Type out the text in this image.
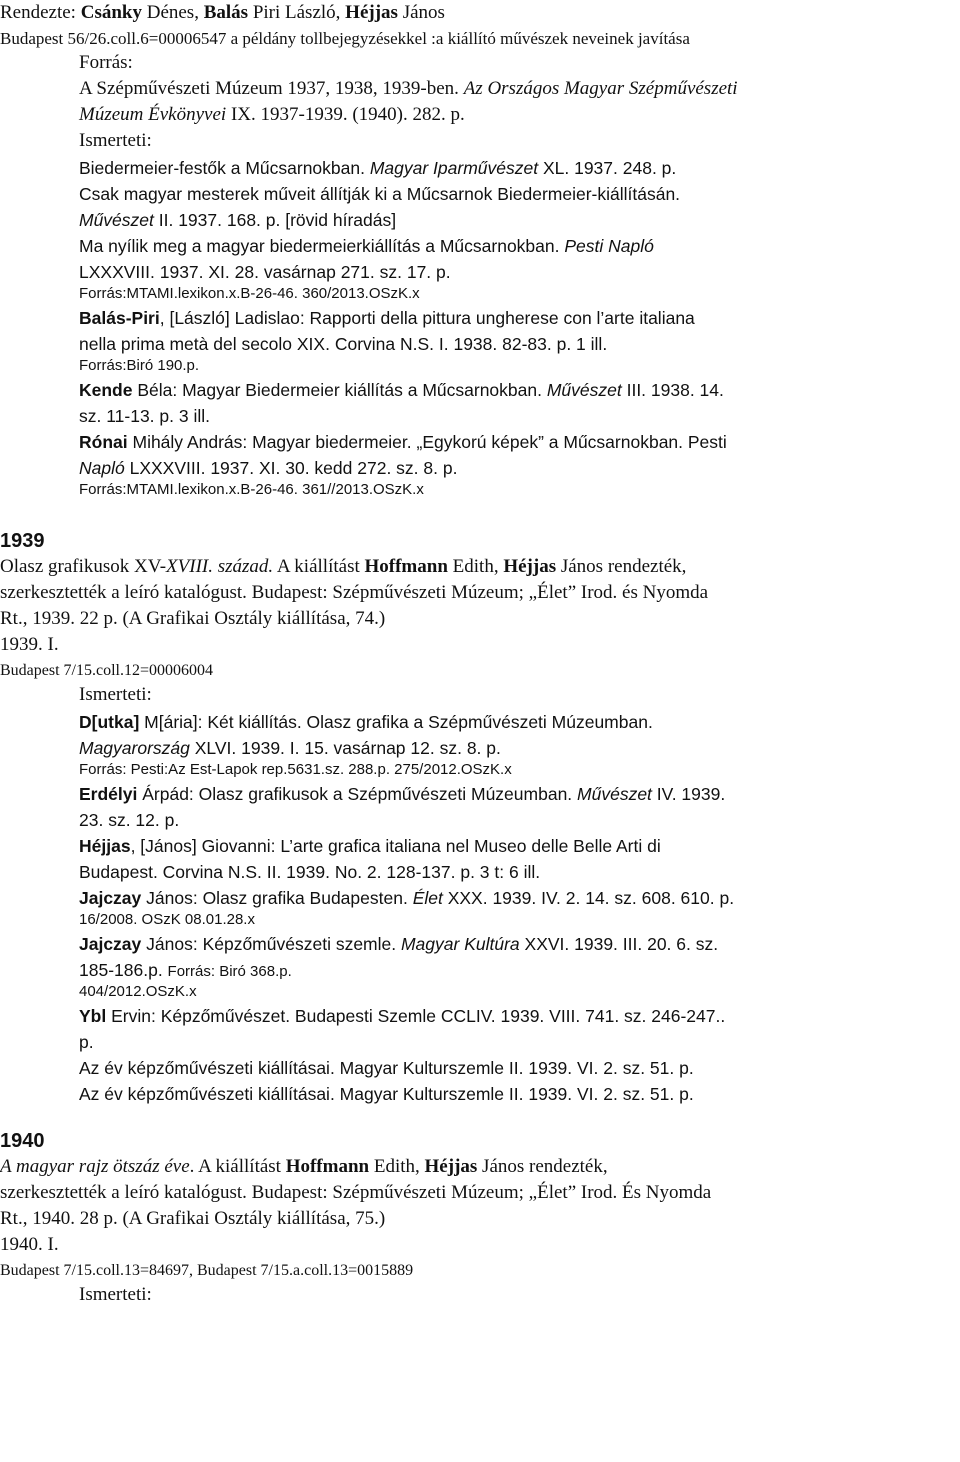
Rendezte: Csánky Dénes, Balás Piri László, Héjjas János
Budapest 56/26.coll.6=00006547 a példány tollbejegyzésekkel :a kiállító művészek neveinek javítása
Forrás:
A Szépművészeti Múzeum 1937, 1938, 1939-ben. Az Országos Magyar Szépművészeti
Múzeum Évkönyvei IX. 1937-1939. (1940). 282. p.
Ismerteti:
Biedermeier-festők a Műcsarnokban. Magyar Iparművészet XL. 1937. 248. p.
Csak magyar mesterek műveit állítják ki a Műcsarnok Biedermeier-kiállításán.
Művészet II. 1937. 168. p. [rövid híradás]
Ma nyílik meg a magyar biedermeierkiállítás a Műcsarnokban. Pesti Napló
LXXXVIII. 1937. XI. 28. vasárnap 271. sz. 17. p.
Forrás:MTAMI.lexikon.x.B-26-46. 360/2013.OSzK.x
Balás-Piri, [László] Ladislao: Rapporti della pittura ungherese con l’arte italiana
nella prima metà del secolo XIX. Corvina N.S. I. 1938. 82-83. p. 1 ill.
Forrás:Biró 190.p.
Kende Béla: Magyar Biedermeier kiállítás a Műcsarnokban. Művészet III. 1938. 14.
sz. 11-13. p. 3 ill.
Rónai Mihály András: Magyar biedermeier. „Egykorú képek” a Műcsarnokban. Pesti
Napló LXXXVIII. 1937. XI. 30. kedd 272. sz. 8. p.
Forrás:MTAMI.lexikon.x.B-26-46. 361//2013.OSzK.x
1939
Olasz grafikusok XV-XVIII. század. A kiállítást Hoffmann Edith, Héjjas János rendezték,
szerkesztették a leíró katalógust. Budapest: Szépművészeti Múzeum; „Élet” Irod. és Nyomda
Rt., 1939. 22 p. (A Grafikai Osztály kiállítása, 74.)
1939. I.
Budapest 7/15.coll.12=00006004
Ismerteti:
D[utka] M[ária]: Két kiállítás. Olasz grafika a Szépművészeti Múzeumban.
Magyarország XLVI. 1939. I. 15. vasárnap 12. sz. 8. p.
Forrás: Pesti:Az Est-Lapok rep.5631.sz. 288.p. 275/2012.OSzK.x
Erdélyi Árpád: Olasz grafikusok a Szépművészeti Múzeumban. Művészet IV. 1939.
23. sz. 12. p.
Héjjas, [János] Giovanni: L’arte grafica italiana nel Museo delle Belle Arti di
Budapest. Corvina N.S. II. 1939. No. 2. 128-137. p. 3 t: 6 ill.
Jajczay János: Olasz grafika Budapesten. Élet XXX. 1939. IV. 2. 14. sz. 608. 610. p.
16/2008. OSzK 08.01.28.x
Jajczay János: Képzőművészeti szemle. Magyar Kultúra XXVI. 1939. III. 20. 6. sz.
185-186.p. Forrás: Biró 368.p.
404/2012.OSzK.x
Ybl Ervin: Képzőművészet. Budapesti Szemle CCLIV. 1939. VIII. 741. sz. 246-247..
p.
Az év képzőművészeti kiállításai. Magyar Kulturszemle II. 1939. VI. 2. sz. 51. p.
Az év képzőművészeti kiállításai. Magyar Kulturszemle II. 1939. VI. 2. sz. 51. p.
1940
A magyar rajz ötszáz éve. A kiállítást Hoffmann Edith, Héjjas János rendezték,
szerkesztették a leíró katalógust. Budapest: Szépművészeti Múzeum; „Élet” Irod. És Nyomda
Rt., 1940. 28 p. (A Grafikai Osztály kiállítása, 75.)
1940. I.
Budapest 7/15.coll.13=84697, Budapest 7/15.a.coll.13=0015889
Ismerteti:
